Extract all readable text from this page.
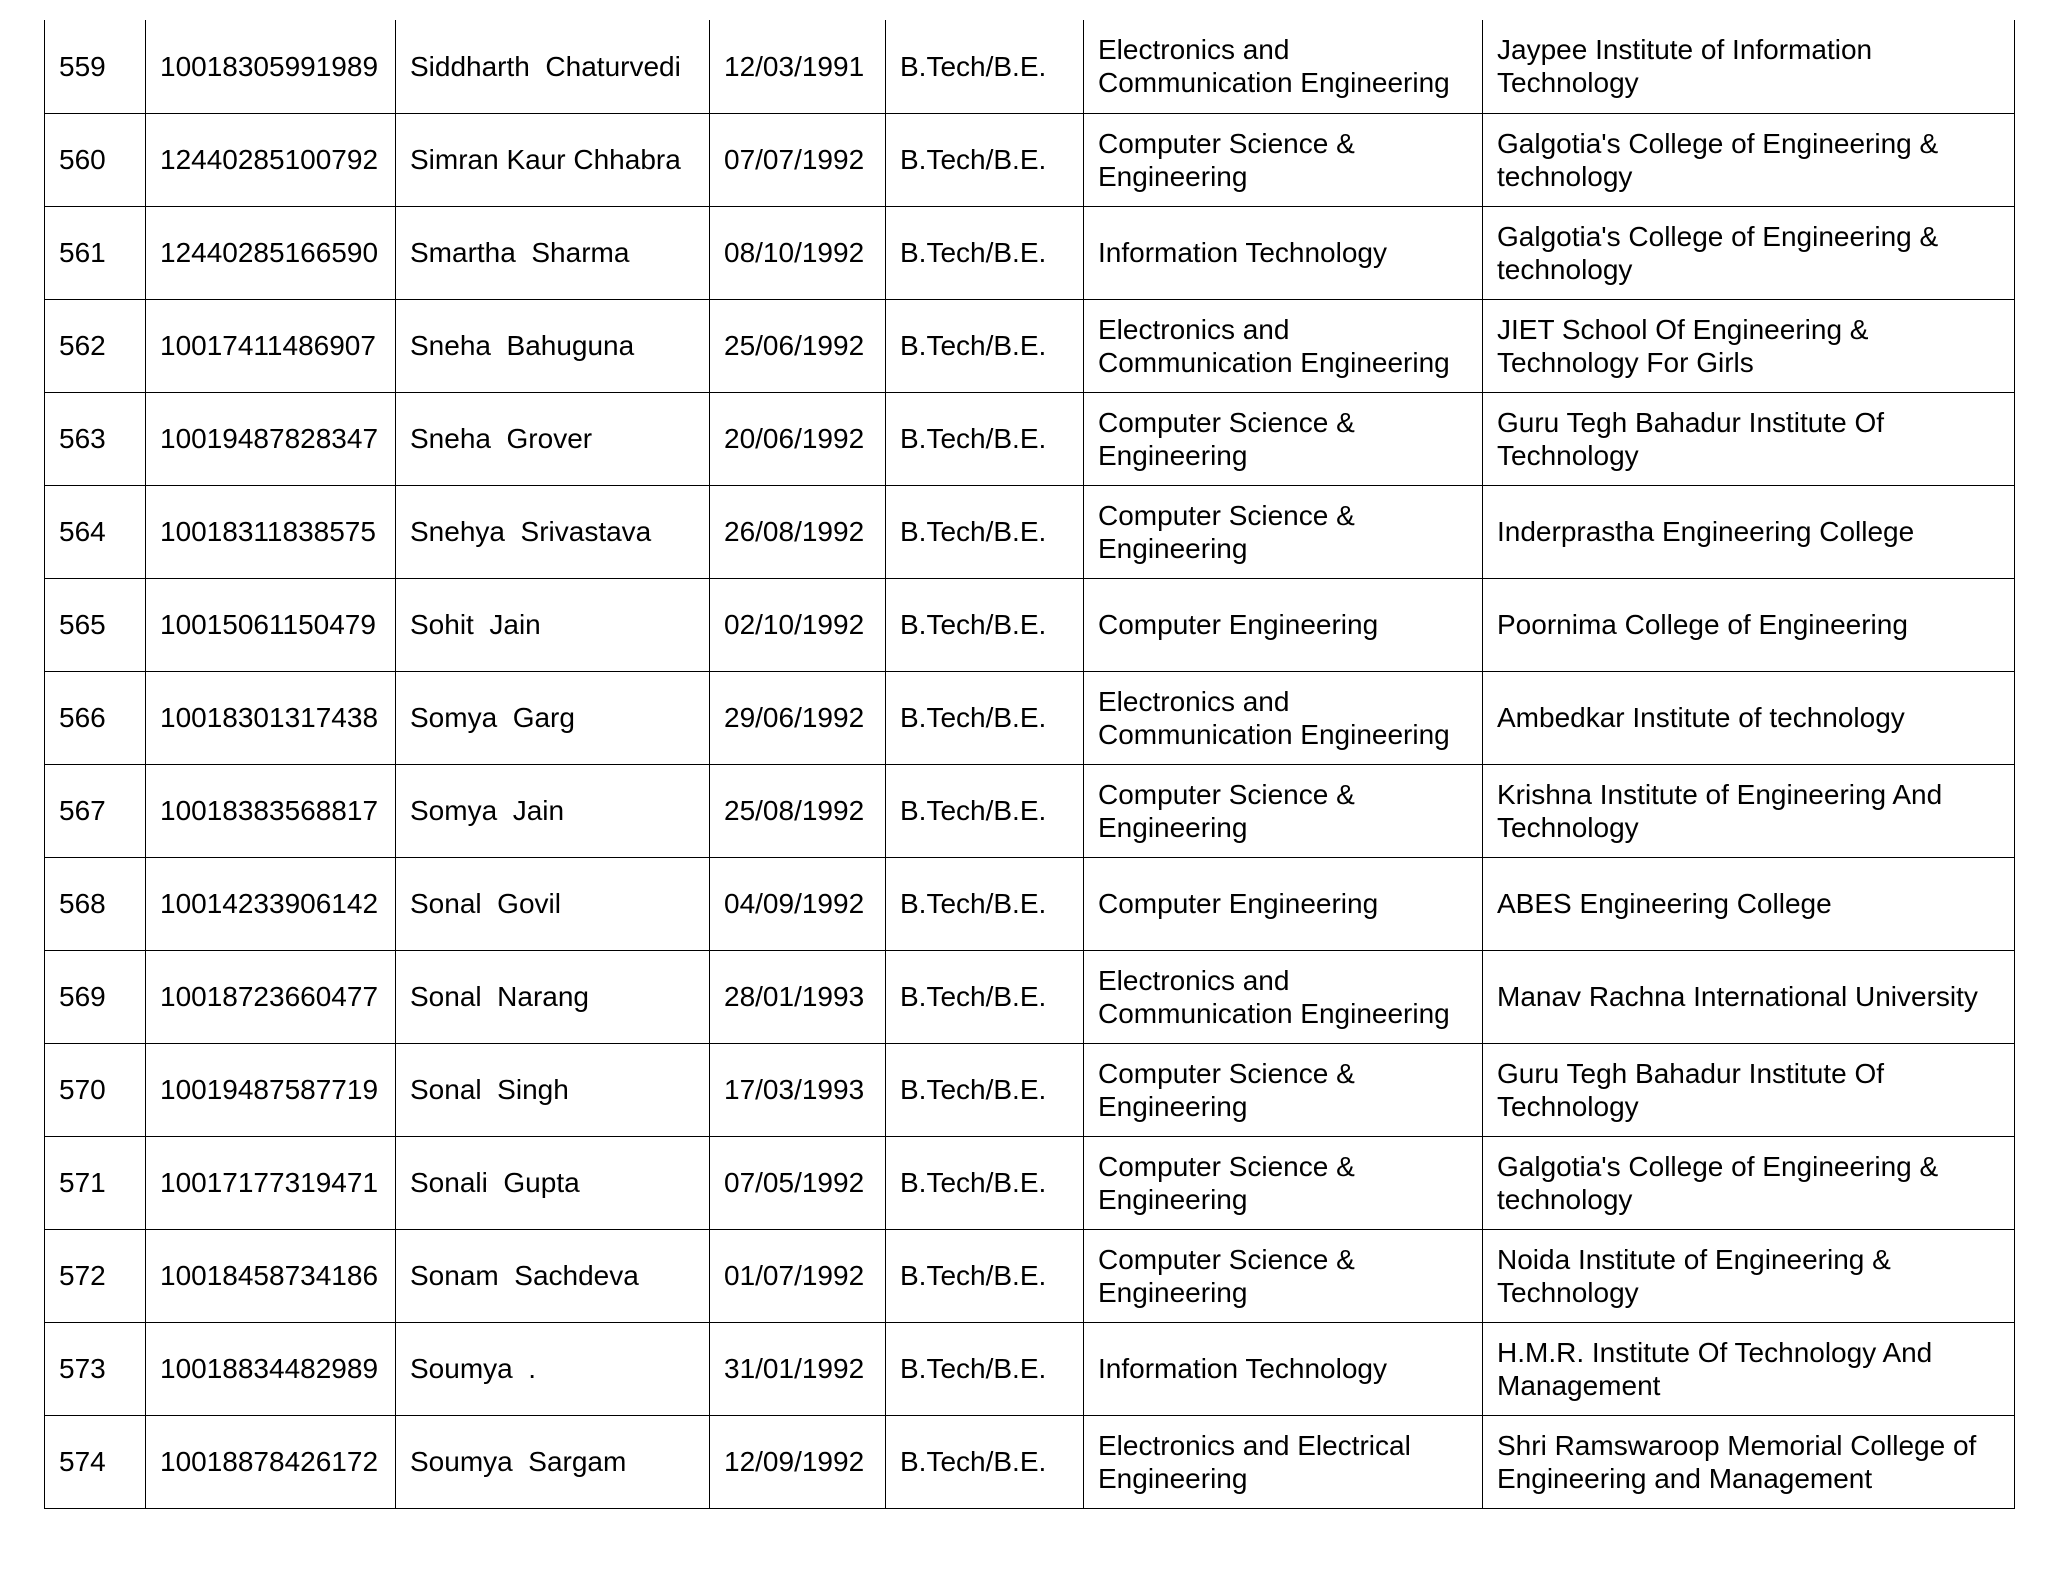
559	10018305991989	Siddharth  Chaturvedi	12/03/1991	B.Tech/B.E.	Electronics and Communication Engineering	Jaypee Institute of Information Technology
560	12440285100792	Simran Kaur Chhabra	07/07/1992	B.Tech/B.E.	Computer Science & Engineering	Galgotia's College of Engineering & technology
561	12440285166590	Smartha  Sharma	08/10/1992	B.Tech/B.E.	Information Technology	Galgotia's College of Engineering & technology
562	10017411486907	Sneha  Bahuguna	25/06/1992	B.Tech/B.E.	Electronics and Communication Engineering	JIET School Of Engineering & Technology For Girls
563	10019487828347	Sneha  Grover	20/06/1992	B.Tech/B.E.	Computer Science & Engineering	Guru Tegh Bahadur Institute Of Technology
564	10018311838575	Snehya  Srivastava	26/08/1992	B.Tech/B.E.	Computer Science & Engineering	Inderprastha Engineering College
565	10015061150479	Sohit  Jain	02/10/1992	B.Tech/B.E.	Computer Engineering	Poornima College of Engineering
566	10018301317438	Somya  Garg	29/06/1992	B.Tech/B.E.	Electronics and Communication Engineering	Ambedkar Institute of technology
567	10018383568817	Somya  Jain	25/08/1992	B.Tech/B.E.	Computer Science & Engineering	Krishna Institute of Engineering And Technology
568	10014233906142	Sonal  Govil	04/09/1992	B.Tech/B.E.	Computer Engineering	ABES Engineering College
569	10018723660477	Sonal  Narang	28/01/1993	B.Tech/B.E.	Electronics and Communication Engineering	Manav Rachna International University
570	10019487587719	Sonal  Singh	17/03/1993	B.Tech/B.E.	Computer Science & Engineering	Guru Tegh Bahadur Institute Of Technology
571	10017177319471	Sonali  Gupta	07/05/1992	B.Tech/B.E.	Computer Science & Engineering	Galgotia's College of Engineering & technology
572	10018458734186	Sonam  Sachdeva	01/07/1992	B.Tech/B.E.	Computer Science & Engineering	Noida Institute of Engineering & Technology
573	10018834482989	Soumya  .	31/01/1992	B.Tech/B.E.	Information Technology	H.M.R. Institute Of Technology And Management
574	10018878426172	Soumya  Sargam	12/09/1992	B.Tech/B.E.	Electronics and Electrical Engineering	Shri Ramswaroop Memorial College of Engineering and Management
